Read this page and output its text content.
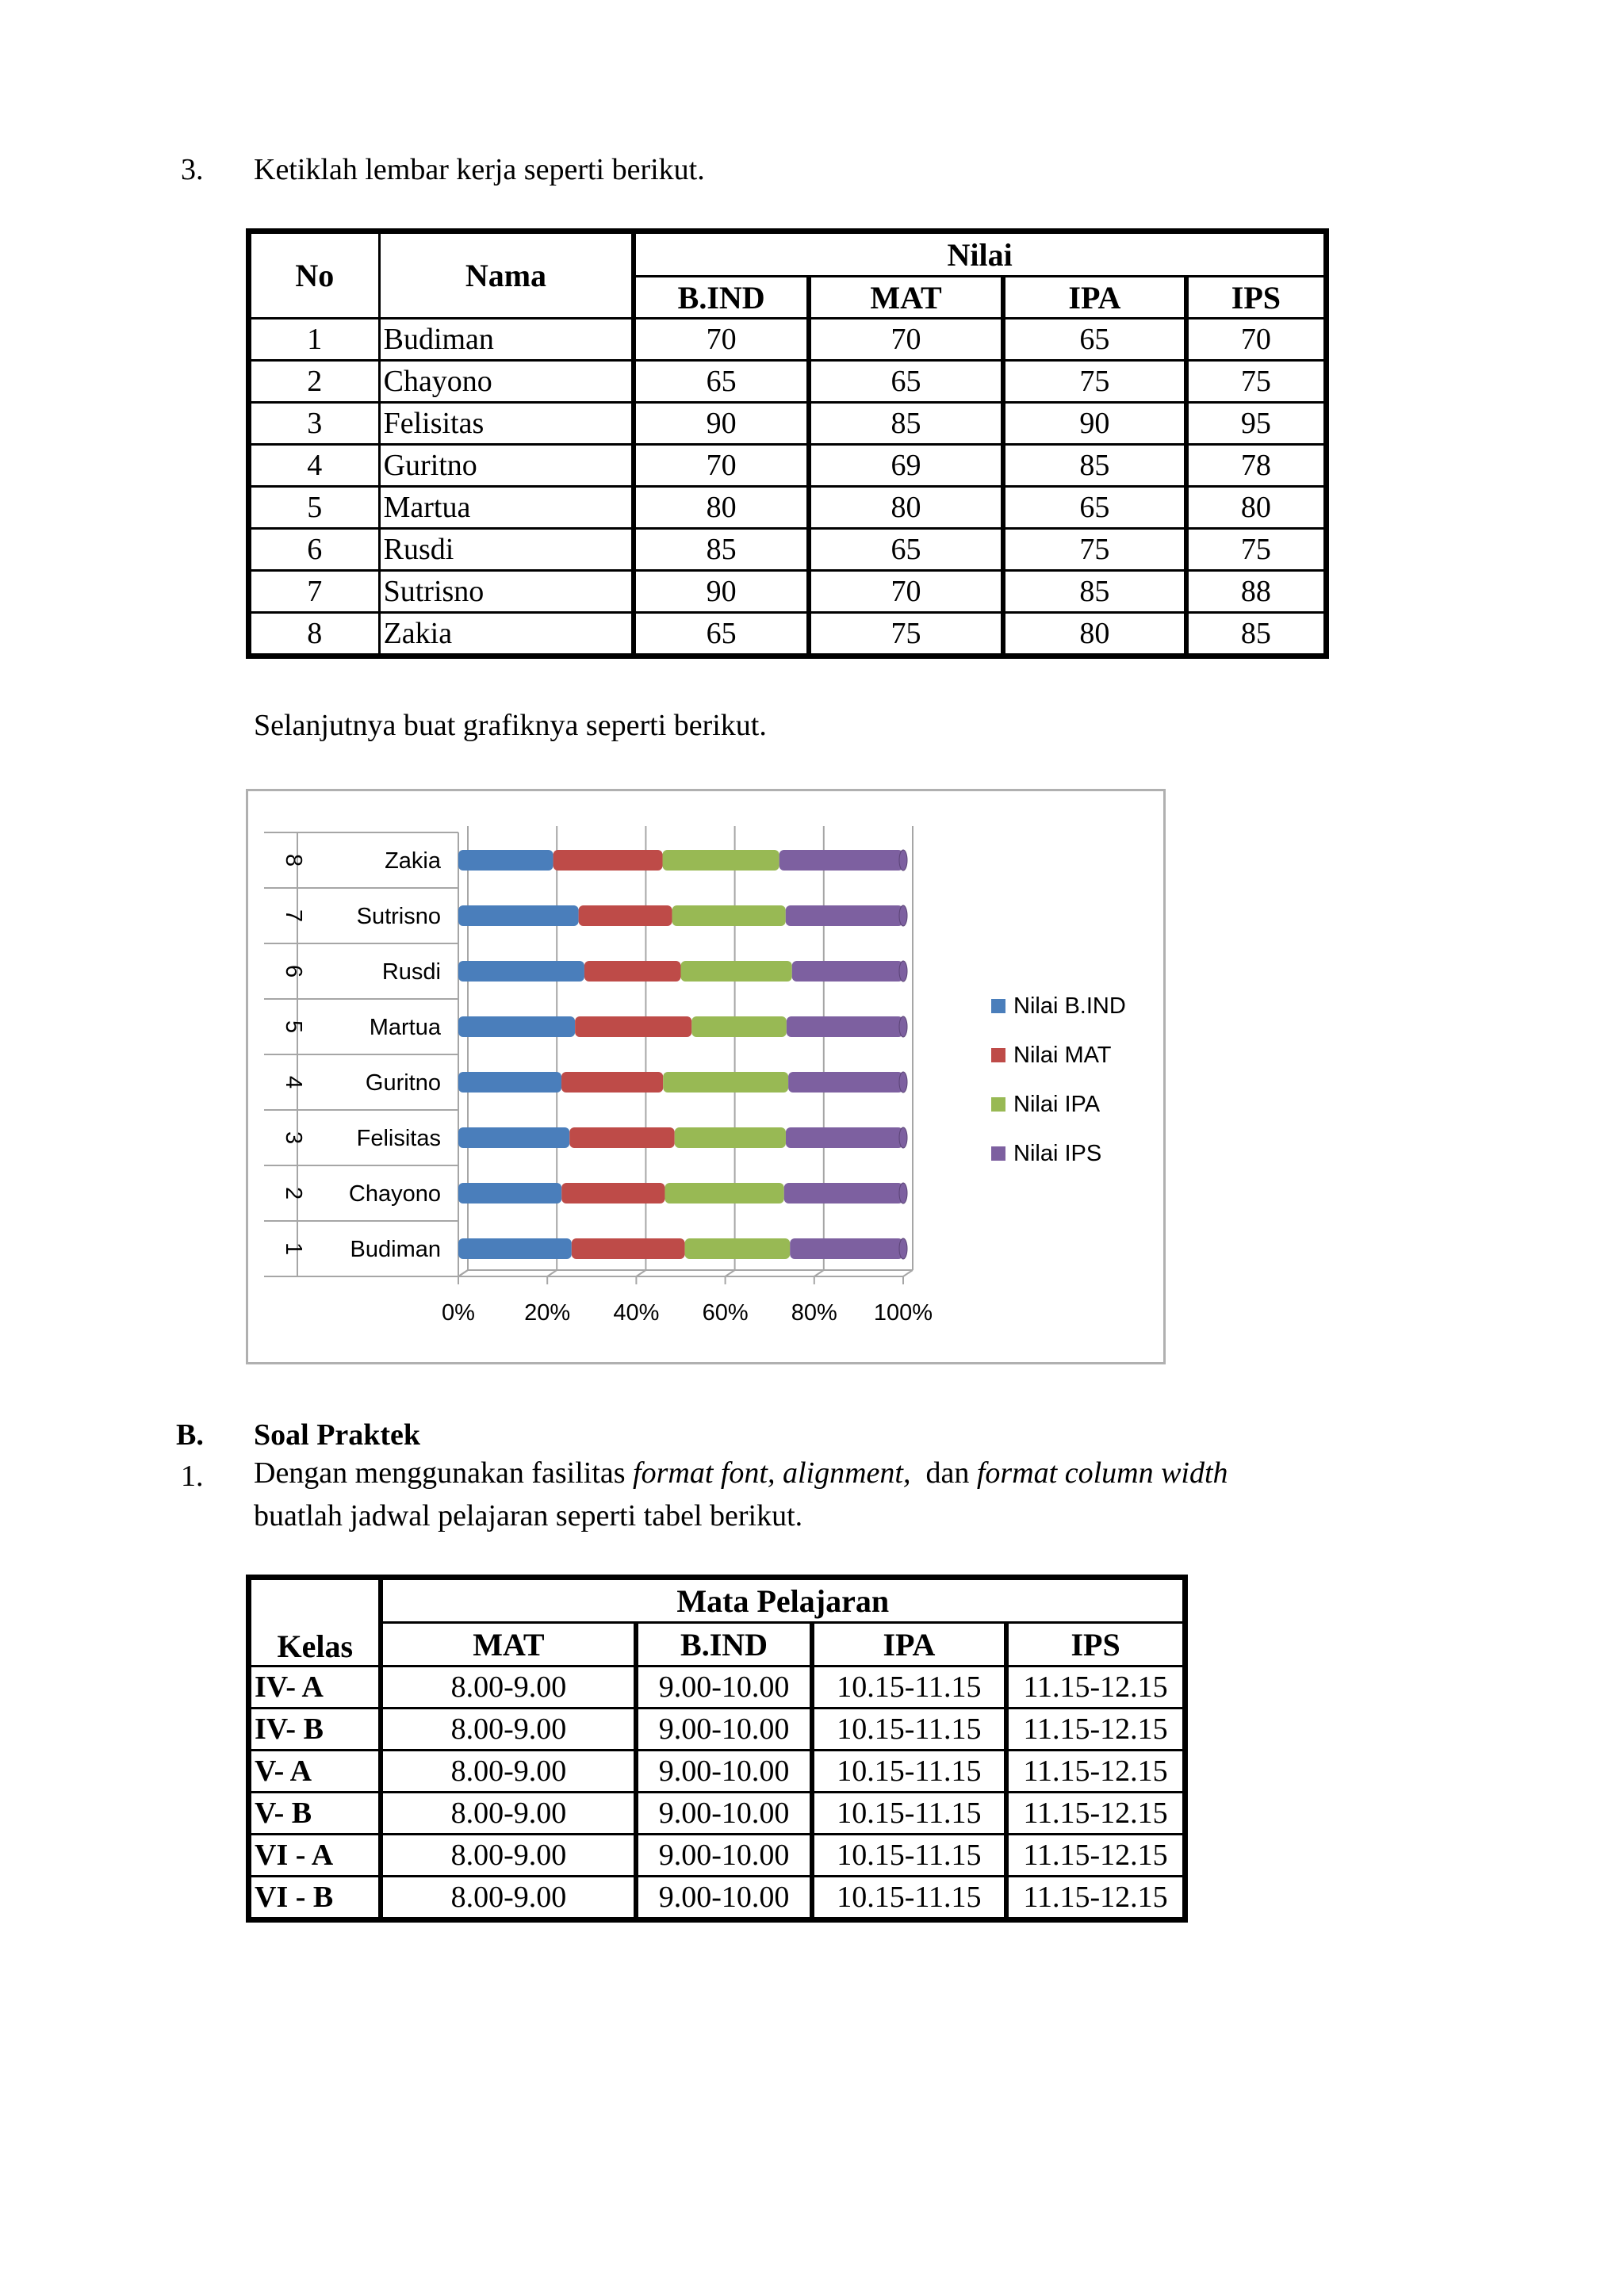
3. Ketiklah lembar kerja seperti berikut.
No	Nama	Nilai			
		B.IND	MAT	IPA	IPS
1	Budiman	70	70	65	70
2	Chayono	65	65	75	75
3	Felisitas	90	85	90	95
4	Guritno	70	69	85	78
5	Martua	80	80	65	80
6	Rusdi	85	65	75	75
7	Sutrisno	90	70	85	88
8	Zakia	65	75	80	85
Selanjutnya buat grafiknya seperti berikut.
0% 20% 40% 60% 80% 100%
Zakia
8
Sutrisno
7
Rusdi
6
Martua
5
Guritno
4
Felisitas
3
Chayono
2
Budiman
1
Nilai B.IND
Nilai MAT
Nilai IPA
Nilai IPS
B. Soal Praktek
1. Dengan menggunakan fasilitas format font, alignment,  dan format column width
buatlah jadwal pelajaran seperti tabel berikut.
Kelas	Mata Pelajaran			
	MAT	B.IND	IPA	IPS
IV- A	8.00-9.00	9.00-10.00	10.15-11.15	11.15-12.15
IV- B	8.00-9.00	9.00-10.00	10.15-11.15	11.15-12.15
V- A	8.00-9.00	9.00-10.00	10.15-11.15	11.15-12.15
V- B	8.00-9.00	9.00-10.00	10.15-11.15	11.15-12.15
VI - A	8.00-9.00	9.00-10.00	10.15-11.15	11.15-12.15
VI - B	8.00-9.00	9.00-10.00	10.15-11.15	11.15-12.15
